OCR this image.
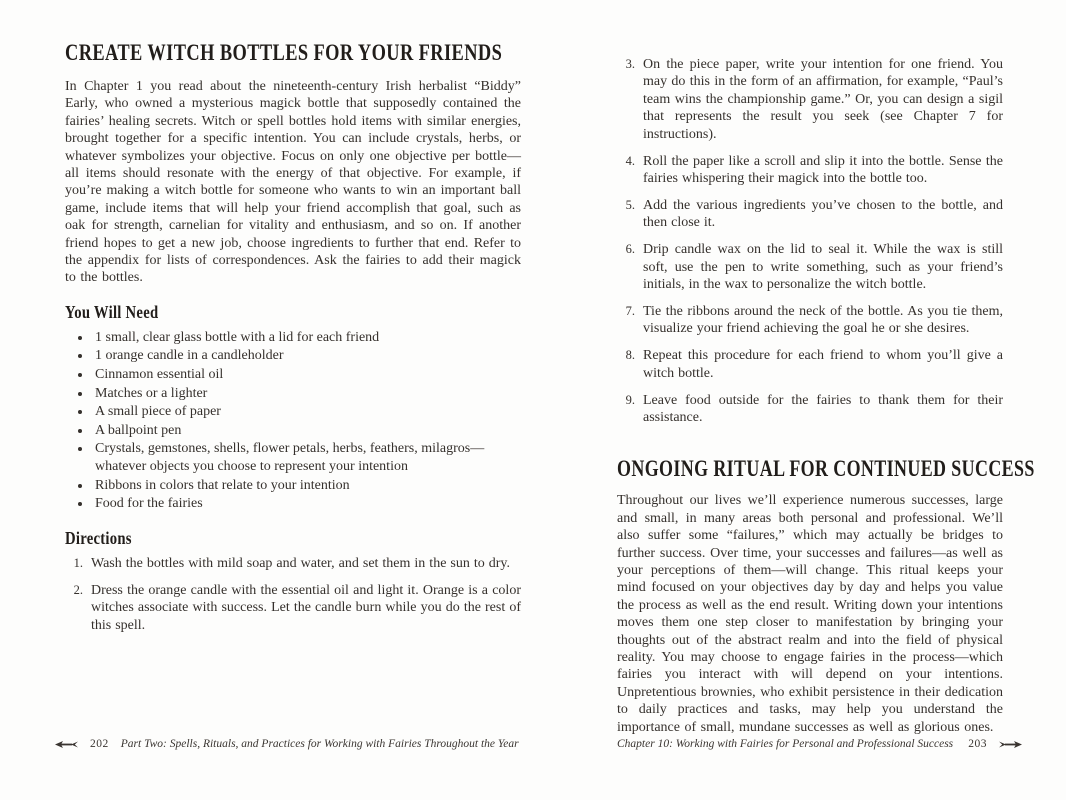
CREATE WITCH BOTTLES FOR YOUR FRIENDS

In Chapter 1 you read about the nineteenth-century Irish herbalist “Biddy” Early, who owned a mysterious magick bottle that supposedly contained the fairies’ healing secrets. Witch or spell bottles hold items with similar energies, brought together for a specific intention. You can include crystals, herbs, or whatever symbolizes your objective. Focus on only one objective per bottle—all items should resonate with the energy of that objective. For example, if you’re making a witch bottle for someone who wants to win an important ball game, include items that will help your friend accomplish that goal, such as oak for strength, carnelian for vitality and enthusiasm, and so on. If another friend hopes to get a new job, choose ingredients to further that end. Refer to the appendix for lists of correspondences. Ask the fairies to add their magick to the bottles.

You Will Need
• 1 small, clear glass bottle with a lid for each friend
• 1 orange candle in a candleholder
• Cinnamon essential oil
• Matches or a lighter
• A small piece of paper
• A ballpoint pen
• Crystals, gemstones, shells, flower petals, herbs, feathers, milagros—whatever objects you choose to represent your intention
• Ribbons in colors that relate to your intention
• Food for the fairies
Directions
1. Wash the bottles with mild soap and water, and set them in the sun to dry.
2. Dress the orange candle with the essential oil and light it. Orange is a color witches associate with success. Let the candle burn while you do the rest of this spell.
3. On the piece paper, write your intention for one friend. You may do this in the form of an affirmation, for example, “Paul’s team wins the championship game.” Or, you can design a sigil that represents the result you seek (see Chapter 7 for instructions).
4. Roll the paper like a scroll and slip it into the bottle. Sense the fairies whispering their magick into the bottle too.
5. Add the various ingredients you’ve chosen to the bottle, and then close it.
6. Drip candle wax on the lid to seal it. While the wax is still soft, use the pen to write something, such as your friend’s initials, in the wax to personalize the witch bottle.
7. Tie the ribbons around the neck of the bottle. As you tie them, visualize your friend achieving the goal he or she desires.
8. Repeat this procedure for each friend to whom you’ll give a witch bottle.
9. Leave food outside for the fairies to thank them for their assistance.
ONGOING RITUAL FOR CONTINUED SUCCESS

Throughout our lives we’ll experience numerous successes, large and small, in many areas both personal and professional. We’ll also suffer some “failures,” which may actually be bridges to further success. Over time, your successes and failures—as well as your perceptions of them—will change. This ritual keeps your mind focused on your objectives day by day and helps you value the process as well as the end result. Writing down your intentions moves them one step closer to manifestation by bringing your thoughts out of the abstract realm and into the field of physical reality. You may choose to engage fairies in the process—which fairies you interact with will depend on your intentions. Unpretentious brownies, who exhibit persistence in their dedication to daily practices and tasks, may help you understand the importance of small, mundane successes as well as glorious ones.

202 Part Two: Spells, Rituals, and Practices for Working with Fairies Throughout the Year	Chapter 10: Working with Fairies for Personal and Professional Success 203
